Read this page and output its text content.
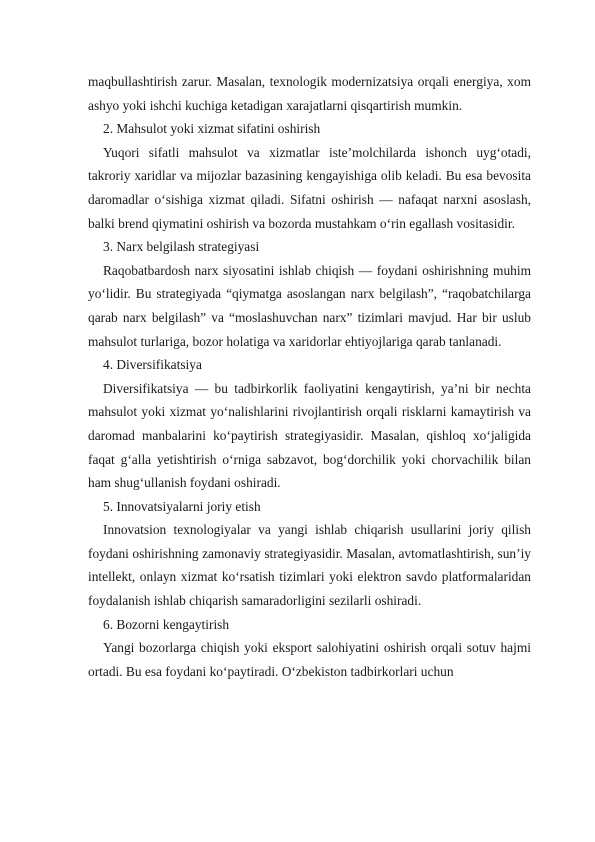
maqbullashtirish zarur. Masalan, texnologik modernizatsiya orqali energiya, xom ashyo yoki ishchi kuchiga ketadigan xarajatlarni qisqartirish mumkin.

2. Mahsulot yoki xizmat sifatini oshirish

Yuqori sifatli mahsulot va xizmatlar iste’molchilarda ishonch uyg‘otadi, takroriy xaridlar va mijozlar bazasining kengayishiga olib keladi. Bu esa bevosita daromadlar o‘sishiga xizmat qiladi. Sifatni oshirish — nafaqat narxni asoslash, balki brend qiymatini oshirish va bozorda mustahkam o‘rin egallash vositasidir.

3. Narx belgilash strategiyasi

Raqobatbardosh narx siyosatini ishlab chiqish — foydani oshirishning muhim yo‘lidir. Bu strategiyada “qiymatga asoslangan narx belgilash”, “raqobatchilarga qarab narx belgilash” va “moslashuvchan narx” tizimlari mavjud. Har bir uslub mahsulot turlariga, bozor holatiga va xaridorlar ehtiyojlariga qarab tanlanadi.

4. Diversifikatsiya

Diversifikatsiya — bu tadbirkorlik faoliyatini kengaytirish, ya’ni bir nechta mahsulot yoki xizmat yo‘nalishlarini rivojlantirish orqali risklarni kamaytirish va daromad manbalarini ko‘paytirish strategiyasidir. Masalan, qishloq xo‘jaligida faqat g‘alla yetishtirish o‘rniga sabzavot, bog‘dorchilik yoki chorvachilik bilan ham shug‘ullanish foydani oshiradi.

5. Innovatsiyalarni joriy etish

Innovatsion texnologiyalar va yangi ishlab chiqarish usullarini joriy qilish foydani oshirishning zamonaviy strategiyasidir. Masalan, avtomatlashtirish, sun’iy intellekt, onlayn xizmat ko‘rsatish tizimlari yoki elektron savdo platformalaridan foydalanish ishlab chiqarish samaradorligini sezilarli oshiradi.

6. Bozorni kengaytirish

Yangi bozorlarga chiqish yoki eksport salohiyatini oshirish orqali sotuv hajmi ortadi. Bu esa foydani ko‘paytiradi. O‘zbekiston tadbirkorlari uchun
